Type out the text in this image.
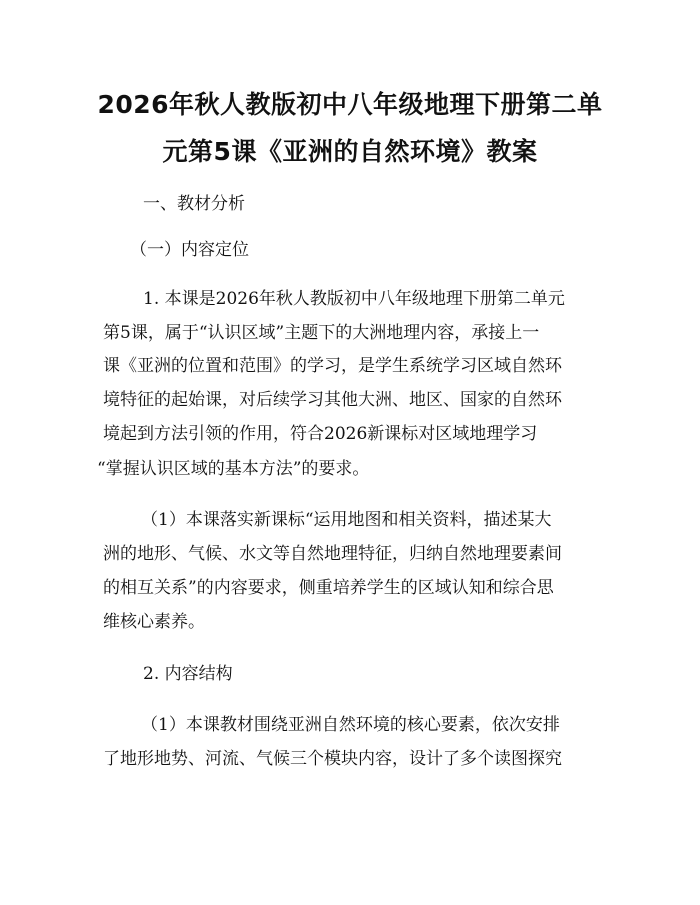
2026年秋人教版初中八年级地理下册第二单
元第5课《亚洲的自然环境》教案
一、教材分析
（一）内容定位
1. 本课是2026年秋人教版初中八年级地理下册第二单元
第5课，属于“认识区域”主题下的大洲地理内容，承接上一
课《亚洲的位置和范围》的学习，是学生系统学习区域自然环
境特征的起始课，对后续学习其他大洲、地区、国家的自然环
境起到方法引领的作用，符合2026新课标对区域地理学习
“掌握认识区域的基本方法”的要求。
（1）本课落实新课标“运用地图和相关资料，描述某大
洲的地形、气候、水文等自然地理特征，归纳自然地理要素间
的相互关系”的内容要求，侧重培养学生的区域认知和综合思
维核心素养。
2. 内容结构
（1）本课教材围绕亚洲自然环境的核心要素，依次安排
了地形地势、河流、气候三个模块内容，设计了多个读图探究
